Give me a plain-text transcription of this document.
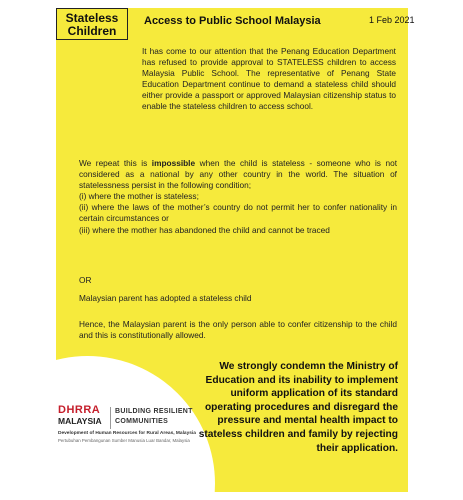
Stateless
Children
Access to Public School Malaysia	1 Feb 2021
It has come to our attention that the Penang Education Department has refused to provide approval to STATELESS children to access Malaysia Public School. The representative of Penang State Education Department continue to demand a stateless child should either provide a passport or approved Malaysian citizenship status to enable the stateless children to access school.
We repeat this is impossible when the child is stateless - someone who is not considered as a national by any other country in the world. The situation of statelessness persist in the following condition;
(i) where the mother is stateless;
(ii) where the laws of the mother’s country do not permit her to confer nationality in certain circumstances or
(iii) where the mother has abandoned the child and cannot be traced
OR
Malaysian parent has adopted a stateless child
Hence, the Malaysian parent is the only person able to confer citizenship to the child and this is constitutionally allowed.
We strongly condemn the Ministry of Education and its inability to implement uniform application of its standard operating procedures and disregard the pressure and mental health impact to stateless children and family by rejecting their application.
DHRRA
MALAYSIA
BUILDING RESILIENT
COMMUNITIES
Development of Human Resources for Rural Areas, Malaysia
Pertubuhan Pembangunan Sumber Manusia Luar Bandar, Malaysia
